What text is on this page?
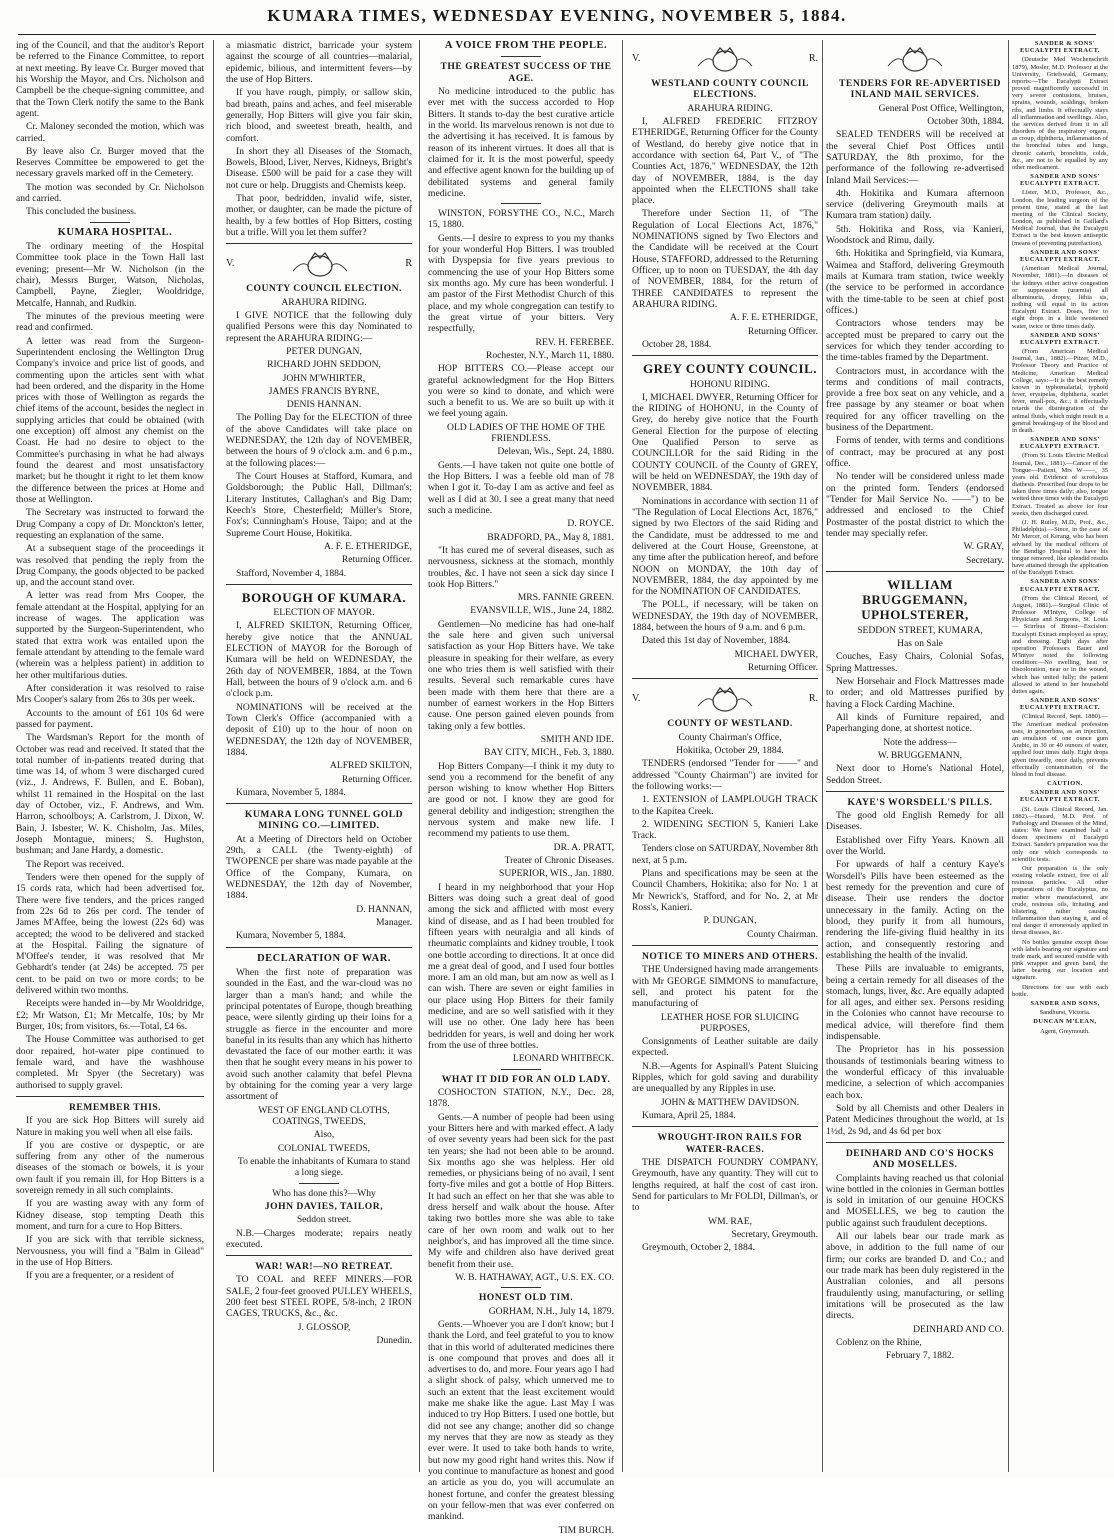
KUMARA TIMES, WEDNESDAY EVENING, NOVEMBER 5, 1884.

ing of the Council, and that the auditor's Report be referred to the Finance Committee, to report at next meeting. By leave Cr. Burger moved that his Worship the Mayor, and Crs. Nicholson and Campbell be the cheque-signing committee, and that the Town Clerk notify the same to the Bank agent.

Cr. Maloney seconded the motion, which was carried.

By leave also Cr. Burger moved that the Reserves Committee be empowered to get the necessary gravels marked off in the Cemetery.

The motion was seconded by Cr. Nicholson and carried.

This concluded the business.

KUMARA HOSPITAL.

The ordinary meeting of the Hospital Committee took place in the Town Hall last evening; present—Mr W. Nicholson (in the chair), Messrs Burger, Watson, Nicholas, Campbell, Payne, Ziegler, Wooldridge, Metcalfe, Hannah, and Rudkin.

The minutes of the previous meeting were read and confirmed.

A letter was read from the Surgeon-Superintendent enclosing the Wellington Drug Company's invoice and price list of goods, and commenting upon the articles sent with what had been ordered, and the disparity in the Home prices with those of Wellington as regards the chief items of the account, besides the neglect in supplying articles that could be obtained (with one exception) off almost any chemist on the Coast. He had no desire to object to the Committee's purchasing in what he had always found the dearest and most unsatisfactory market; but he thought it right to let them know the difference between the prices at Home and those at Wellington.

The Secretary was instructed to forward the Drug Company a copy of Dr. Monckton's letter, requesting an explanation of the same.

At a subsequent stage of the proceedings it was resolved that pending the reply from the Drug Company, the goods objected to be packed up, and the account stand over.

A letter was read from Mrs Cooper, the female attendant at the Hospital, applying for an increase of wages. The application was supported by the Surgeon-Superintendent, who stated that extra work was entailed upon the female attendant by attending to the female ward (wherein was a helpless patient) in addition to her other multifarious duties.

After consideration it was resolved to raise Mrs Cooper's salary from 26s to 30s per week.

Accounts to the amount of £61 10s 6d were passed for payment.

The Wardsman's Report for the month of October was read and received. It stated that the total number of in-patients treated during that time was 14, of whom 3 were discharged cured (viz., J. Andrews, F. Bullen, and E. Boban), whilst 11 remained in the Hospital on the last day of October, viz., F. Andrews, and Wm. Harron, schoolboys; A. Carlstrom, J. Dixon, W. Bain, J. Isbester, W. K. Chisholm, Jas. Miles, Joseph Montague, miners; S. Hughston, bushman; and Jane Hardy, a domestic.

The Report was received.

Tenders were then opened for the supply of 15 cords rata, which had been advertised for. There were five tenders, and the prices ranged from 22s 6d to 26s per cord. The tender of James M'Affee, being the lowest (22s 6d) was accepted; the wood to be delivered and stacked at the Hospital. Failing the signature of M'Offee's tender, it was resolved that Mr Gebhardt's tender (at 24s) be accepted. 75 per cent. to be paid on two or more cords; to be delivered within two months.

Receipts were handed in—by Mr Wooldridge, £2; Mr Watson, £1; Mr Metcalfe, 10s; by Mr Burger, 10s; from visitors, 6s.—Total, £4 6s.

The House Committee was authorised to get door repaired, hot-water pipe continued to female ward, and have the washhouse completed. Mr Spyer (the Secretary) was authorised to supply gravel.

REMEMBER THIS.

If you are sick Hop Bitters will surely aid Nature in making you well when all else fails.

If you are costive or dyspeptic, or are suffering from any other of the numerous diseases of the stomach or bowels, it is your own fault if you remain ill, for Hop Bitters is a sovereign remedy in all such complaints.

If you are wasting away with any form of Kidney disease, stop tempting Death this moment, and turn for a cure to Hop Bitters.

If you are sick with that terrible sickness, Nervousness, you will find a "Balm in Gilead" in the use of Hop Bitters.

If you are a frequenter, or a resident of

a miasmatic district, barricade your system against the scourge of all countries—malarial, epidemic, bilious, and intermittent fevers—by the use of Hop Bitters.

If you have rough, pimply, or sallow skin, bad breath, pains and aches, and feel miserable generally, Hop Bitters will give you fair skin, rich blood, and sweetest breath, health, and comfort.

In short they all Diseases of the Stomach, Bowels, Blood, Liver, Nerves, Kidneys, Bright's Disease. £500 will be paid for a case they will not cure or help. Druggists and Chemists keep.

That poor, bedridden, invalid wife, sister, mother, or daughter, can be made the picture of health, by a few bottles of Hop Bitters, costing but a trifle. Will you let them suffer?

V.	R

COUNTY COUNCIL ELECTION.

ARAHURA RIDING.

I GIVE NOTICE that the following duly qualified Persons were this day Nominated to represent the ARAHURA RIDING:—

PETER DUNGAN,

RICHARD JOHN SEDDON,

JOHN M'WHIRTER,

JAMES FRANCIS BYRNE,

DENIS HANNAN.

The Polling Day for the ELECTION of three of the above Candidates will take place on WEDNESDAY, the 12th day of NOVEMBER, between the hours of 9 o'clock a.m. and 6 p.m., at the following places:—

The Court Houses at Stafford, Kumara, and Goldsborough; the Public Hall, Dillman's; Literary Institutes, Callaghan's and Big Dam; Keech's Store, Chesterfield; Müller's Store, Fox's; Cunningham's House, Taipo; and at the Supreme Court House, Hokitika.

A. F. E. ETHERIDGE,

Returning Officer.

Stafford, November 4, 1884.

BOROUGH OF KUMARA.

ELECTION OF MAYOR.

I, ALFRED SKILTON, Returning Officer, hereby give notice that the ANNUAL ELECTION of MAYOR for the Borough of Kumara will be held on WEDNESDAY, the 26th day of NOVEMBER, 1884, at the Town Hall, between the hours of 9 o'clock a.m. and 6 o'clock p.m.

NOMINATIONS will be received at the Town Clerk's Office (accompanied with a deposit of £10) up to the hour of noon on WEDNESDAY, the 12th day of NOVEMBER, 1884.

ALFRED SKILTON,

Returning Officer.

Kumara, November 5, 1884.

KUMARA LONG TUNNEL GOLD MINING CO.—LIMITED.

At a Meeting of Directors held on October 29th, a CALL (the Twenty-eighth) of TWOPENCE per share was made payable at the Office of the Company, Kumara, on WEDNESDAY, the 12th day of November, 1884.

D. HANNAN,

Manager.

Kumara, November 5, 1884.

DECLARATION OF WAR.

When the first note of preparation was sounded in the East, and the war-cloud was no larger than a man's hand; and while the principal potentates of Europe, though breathing peace, were silently girding up their loins for a struggle as fierce in the encounter and more baneful in its results than any which has hitherto devastated the face of our mother earth: it was then that he sought every means in his power to avoid such another calamity that befel Plevna by obtaining for the coming year a very large assortment of

WEST OF ENGLAND CLOTHS, COATINGS, TWEEDS,

Also,

COLONIAL TWEEDS,

To enable the inhabitants of Kumara to stand a long siege.

Who has done this?—Why

JOHN DAVIES, TAILOR,

Seddon street.

N.B.—Charges moderate; repairs neatly executed.

WAR! WAR!—NO RETREAT.

TO COAL and REEF MINERS.—FOR SALE, 2 four-feet grooved PULLEY WHEELS, 200 feet best STEEL ROPE, 5/8-inch, 2 IRON CAGES, TRUCKS, &c., &c.

J. GLOSSOP,

Dunedin.

A VOICE FROM THE PEOPLE.

THE GREATEST SUCCESS OF THE AGE.

No medicine introduced to the public has ever met with the success accorded to Hop Bitters. It stands to-day the best curative article in the world. Its marvelous renown is not due to the advertising it has received. It is famous by reason of its inherent virtues. It does all that is claimed for it. It is the most powerful, speedy and effective agent known for the building up of debilitated systems and general family medicine.

WINSTON, FORSYTHE CO., N.C., March 15, 1880.

Gents.—I desire to express to you my thanks for your wonderful Hop Bitters. I was troubled with Dyspepsia for five years previous to commencing the use of your Hop Bitters some six months ago. My cure has been wonderful. I am pastor of the First Methodist Church of this place, and my whole congregation can testify to the great virtue of your bitters. Very respectfully,

REV. H. FEREBEE.

Rochester, N.Y., March 11, 1880.

HOP BITTERS CO.—Please accept our grateful acknowledgment for the Hop Bitters you were so kind to donate, and which were such a benefit to us. We are so built up with it we feel young again.

OLD LADIES OF THE HOME OF THE FRIENDLESS.

Delevan, Wis., Sept. 24, 1880.

Gents.—I have taken not quite one bottle of the Hop Bitters. I was a feeble old man of 78 when I got it. To-day I am as active and feel as well as I did at 30. I see a great many that need such a medicine.

D. ROYCE.

BRADFORD, PA., May 8, 1881.

"It has cured me of several diseases, such as nervousness, sickness at the stomach, monthly troubles, &c. I have not seen a sick day since I took Hop Bitters."

MRS. FANNIE GREEN.

EVANSVILLE, WIS., June 24, 1882.

Gentlemen—No medicine has had one-half the sale here and given such universal satisfaction as your Hop Bitters have. We take pleasure in speaking for their welfare, as every one who tries them is well satisfied with their results. Several such remarkable cures have been made with them here that there are a number of earnest workers in the Hop Bitters cause. One person gained eleven pounds from taking only a few bottles.

SMITH AND IDE.

BAY CITY, MICH., Feb. 3, 1880.

Hop Bitters Company—I think it my duty to send you a recommend for the benefit of any person wishing to know whether Hop Bitters are good or not. I know they are good for general debility and indigestion; strengthen the nervous system and make new life. I recommend my patients to use them.

DR. A. PRATT,

Treater of Chronic Diseases.

SUPERIOR, WIS., Jan. 1880.

I heard in my neighborhood that your Hop Bitters was doing such a great deal of good among the sick and afflicted with most every kind of disease, and as I had been troubled for fifteen years with neuralgia and all kinds of rheumatic complaints and kidney trouble, I took one bottle according to directions. It at once did me a great deal of good, and I used four bottles more. I am an old man, but am now as well as I can wish. There are seven or eight families in our place using Hop Bitters for their family medicine, and are so well satisfied with it they will use no other. One lady here has been bedridden for years, is well and doing her work from the use of three bottles.

LEONARD WHITBECK.

WHAT IT DID FOR AN OLD LADY.

COSHOCTON STATION, N.Y., Dec. 28, 1878.

Gents.—A number of people had been using your Bitters here and with marked effect. A lady of over seventy years had been sick for the past ten years; she had not been able to be around. Six months ago she was helpless. Her old remedies, or physicians being of no avail, I sent forty-five miles and got a bottle of Hop Bitters. It had such an effect on her that she was able to dress herself and walk about the house. After taking two bottles more she was able to take care of her own room and walk out to her neighbor's, and has improved all the time since. My wife and children also have derived great benefit from their use.

W. B. HATHAWAY, AGT., U.S. EX. CO.

HONEST OLD TIM.

GORHAM, N.H., July 14, 1879.

Gents.—Whoever you are I don't know; but I thank the Lord, and feel grateful to you to know that in this world of adulterated medicines there is one compound that proves and does all it advertises to do, and more. Four years ago I had a slight shock of palsy, which unnerved me to such an extent that the least excitement would make me shake like the ague. Last May I was induced to try Hop Bitters. I used one bottle, but did not see any change; another did so change my nerves that they are now as steady as they ever were. It used to take both hands to write, but now my good right hand writes this. Now if you continue to manufacture as honest and good an article as you do, you will accumulate an honest fortune, and confer the greatest blessing on your fellow-men that was ever conferred on mankind.

TIM BURCH.

V.	R.

WESTLAND COUNTY COUNCIL ELECTIONS.

ARAHURA RIDING.

I, ALFRED FREDERIC FITZROY ETHERIDGE, Returning Officer for the County of Westland, do hereby give notice that in accordance with section 64, Part V., of "The Counties Act, 1876," WEDNESDAY, the 12th day of NOVEMBER, 1884, is the day appointed when the ELECTIONS shall take place.

Therefore under Section 11, of "The Regulation of Local Elections Act, 1876," NOMINATIONS signed by Two Electors and the Candidate will be received at the Court House, STAFFORD, addressed to the Returning Officer, up to noon on TUESDAY, the 4th day of NOVEMBER, 1884, for the return of THREE CANDIDATES to represent the ARAHURA RIDING.

A. F. E. ETHERIDGE,

Returning Officer.

October 28, 1884.

GREY COUNTY COUNCIL.

HOHONU RIDING.

I, MICHAEL DWYER, Returning Officer for the RIDING of HOHONU, in the County of Grey, do hereby give notice that the Fourth General Election for the purpose of electing One Qualified Person to serve as COUNCILLOR for the said Riding in the COUNTY COUNCIL of the County of GREY, will be held on WEDNESDAY, the 19th day of NOVEMBER, 1884.

Nominations in accordance with section 11 of "The Regulation of Local Elections Act, 1876," signed by two Electors of the said Riding and the Candidate, must be addressed to me and delivered at the Court House, Greenstone, at any time after the publication hereof, and before NOON on MONDAY, the 10th day of NOVEMBER, 1884, the day appointed by me for the NOMINATION OF CANDIDATES.

The POLL, if necessary, will be taken on WEDNESDAY, the 19th day of NOVEMBER, 1884, between the hours of 9 a.m. and 6 p.m.

Dated this 1st day of November, 1884.

MICHAEL DWYER,

Returning Officer.

V.	R.

COUNTY OF WESTLAND.

County Chairman's Office,

Hokitika, October 29, 1884.

TENDERS (endorsed "Tender for ——" and addressed "County Chairman") are invited for the following works:—

1. EXTENSION of LAMPLOUGH TRACK to the Kapitea Creek.

2. WIDENING SECTION 5, Kanieri Lake Track.

Tenders close on SATURDAY, November 8th next, at 5 p.m.

Plans and specifications may be seen at the Council Chambers, Hokitika; also for No. 1 at Mr Newrick's, Stafford, and for No. 2, at Mr Ross's, Kanieri.

P. DUNGAN,

County Chairman.

NOTICE TO MINERS AND OTHERS.

THE Undersigned having made arrangements with Mr GEORGE SIMMONS to manufacture, sell, and protect his patent for the manufacturing of

LEATHER HOSE FOR SLUICING PURPOSES,

Consignments of Leather suitable are daily expected.

N.B.—Agents for Aspinall's Patent Sluicing Ripples, which for gold saving and durability are unequalled by any Ripples in use.

JOHN & MATTHEW DAVIDSON.

Kumara, April 25, 1884.

WROUGHT-IRON RAILS FOR WATER-RACES.

THE DISPATCH FOUNDRY COMPANY, Greymouth, have any quantity. They will cut to lengths required, at half the cost of cast iron. Send for particulars to Mr FOLDI, Dillman's, or to

WM. RAE,

Secretary, Greymouth.

Greymouth, October 2, 1884.

TENDERS FOR RE-ADVERTISED INLAND MAIL SERVICES.

General Post Office, Wellington,

October 30th, 1884.

SEALED TENDERS will be received at the several Chief Post Offices until SATURDAY, the 8th proximo, for the performance of the following re-advertised Inland Mail Services:—

4th. Hokitika and Kumara afternoon service (delivering Greymouth mails at Kumara tram station) daily.

5th. Hokitika and Ross, via Kanieri, Woodstock and Rimu, daily.

6th. Hokitika and Springfield, via Kumara, Waimea and Stafford, delivering Greymouth mails at Kumara tram station, twice weekly (the service to be performed in accordance with the time-table to be seen at chief post offices.)

Contractors whose tenders may be accepted must be prepared to carry out the services for which they tender according to the time-tables framed by the Department.

Contractors must, in accordance with the terms and conditions of mail contracts, provide a free box seat on any vehicle, and a free passage by any steamer or boat when required for any officer travelling on the business of the Department.

Forms of tender, with terms and conditions of contract, may be procured at any post office.

No tender will be considered unless made on the printed form. Tenders (endorsed "Tender for Mail Service No. ——") to be addressed and enclosed to the Chief Postmaster of the postal district to which the tender may specially refer.

W. GRAY,

Secretary.

WILLIAM BRUGGEMANN, UPHOLSTERER,

SEDDON STREET, KUMARA,

Has on Sale

Couches, Easy Chairs, Colonial Sofas, Spring Mattresses.

New Horsehair and Flock Mattresses made to order; and old Mattresses purified by having a Flock Carding Machine.

All kinds of Furniture repaired, and Paperhanging done, at shortest notice.

Note the address—

W. BRUGGEMANN,

Next door to Horne's National Hotel, Seddon Street.

KAYE'S WORSDELL'S PILLS.

The good old English Remedy for all Diseases.

Established over Fifty Years. Known all over the World.

For upwards of half a century Kaye's Worsdell's Pills have been esteemed as the best remedy for the prevention and cure of disease. Their use renders the doctor unnecessary in the family. Acting on the blood, they purify it from all humours, rendering the life-giving fluid healthy in its action, and consequently restoring and establishing the health of the invalid.

These Pills are invaluable to emigrants, being a certain remedy for all diseases of the stomach, lungs, liver, &c. Are equally adapted for all ages, and either sex. Persons residing in the Colonies who cannot have recourse to medical advice, will therefore find them indispensable.

The Proprietor has in his possession thousands of testimonials bearing witness to the wonderful efficacy of this invaluable medicine, a selection of which accompanies each box.

Sold by all Chemists and other Dealers in Patent Medicines throughout the world, at 1s 1½d, 2s 9d, and 4s 6d per box

DEINHARD AND CO'S HOCKS AND MOSELLES.

Complaints having reached us that colonial wine bottled in the colonies in German bottles is sold in imitation of our genuine HOCKS and MOSELLES, we beg to caution the public against such fraudulent deceptions.

All our labels bear our trade mark as above, in addition to the full name of our firm; our corks are branded D. and Co.; and our trade mark has been duly registered in the Australian colonies, and all persons fraudulently using, manufacturing, or selling imitations will be prosecuted as the law directs.

DEINHARD AND CO.

Coblenz on the Rhine,

February 7, 1882.

SANDER & SONS' EUCALYPTI EXTRACT.

(Deutsche Med Wochenschrift 1879), Mosler, M.D. Professor at the University, Griefswald, Germany, reports:—The Eucalypti Extract proved magnificently successful in very severe contusions, bruises, sprains, wounds, scaldings, broken ribs, and limbs. It effectually stays all inflammation and swellings. Also, the services derived from it in all disorders of the respiratory organs, as croup, diphtheria, inflammation of the bronchial tubes and lungs, chronic catarrh, bronchitis, colds, &c., are not to be equalled by any other medicament.

SANDER AND SONS' EUCALYPTI EXTRACT.

Lister, M.D., Professor, &c., London, the leading surgeon of the present time, stated at the last meeting of the Clinical Society, London, as published in Gaillard's Medical Journal, that the Eucalypti Extract is the best known antiseptic (means of preventing putrefaction).

SANDER AND SONS' EUCALYPTI EXTRACT.

(American Medical Journal, November, 1881).—In diseases of the kidneys either active congestion or suppression (uræmia) all albuminuria, dropsy, lithia sis, nothing will equal in its action Eucalypti Extract. Doses, five to eight drops in a little sweetened water, twice or three times daily.

SANDER AND SONS' EUCALYPTI EXTRACT.

(From American Medical Journal, Jan., 1882).—Pitzer, M.D., Professor Theory and Practice of Medicine, American Medical College, says:—It is the best remedy known in typhomalarial, typhoid fever, erysipelas, diphtheria, scarlet fever, small-pox, &c.; it effectually retards the disintegration of the animal fluids, which might result in a general breaking-up of the blood and in death.

SANDER AND SONS' EUCALYPTI EXTRACT.

(From St. Louis Electric Medical Journal, Dec., 1881).—Cancer of the Tongue—Patient, Mrs W——, 35 years old. Evidence of scrofulous diathesis. Prescribed four drops to be taken three times daily; also, tongue wetted three times with the Eucalypti Extract. Treated as above for four weeks, then discharged cured.

(J. H. Rutley, M.D., Prof., &c., Philadelphia).—Since, in the case of Mr Mercer, of Kerang, who has been advised by the medical officers of the Bendigo Hospital to have his tongue removed, like splendid results have attained through the application of the Eucalypti Extract.

SANDER AND SONS' EUCALYPTI EXTRACT.

(From the Clinical Record, of August, 1881).—Surgical Clinic of Professor M'Intyre, College of Physicians and Surgeons, St. Louis — Scirrhus of Breast—Excision: Eucalypti Extract employed as spray, and dressing. Eight days after operation Professors Bauer and M'Intyre noted the following condition:—No swelling, heat or discoloration, near or in the wound, which has united fully; the patient allowed to attend to her household duties again.

SANDER AND SONS' EUCALYPTI EXTRACT.

(Clinical Record, Sept. 1880).—The American medical profession uses, in gonorrhœa, as an injection, an emulsion of one ounce gum Arabic, in 30 or 40 ounces of water, applied four times daily. Eight drops given inwardly, once daily, prevents effectually contamination of the blood in foul disease.

CAUTION.

SANDER AND SONS' EUCALYPTI EXTRACT.

(St. Louis Clinical Record, Jan. 1882).—Hazard, M.D. Prof. of Pathology and Diseases of the Mind, states: We have examined half a dozen specimens of Eucalypti Extract. Sander's preparation was the only one which corresponds to scientific tests.

Our preparation is the only existing volatile extract, free of all resinous particles. All other preparations of the Eucalyptus, no matter where manufactured, are crude, resinous oils, irritating and blistering, rather causing inflammation than staying it, and of real danger if erroneously applied in throat diseases, &c.

No bottles genuine except those with labels bearing our signature and trade mark, and secured outside with pink wrapper and green band, the latter bearing our location and signature.

Directions for use with each bottle.

SANDER AND SONS,

Sandhurst, Victoria.

DUNCAN M'LEAN,

Agent, Greymouth.
